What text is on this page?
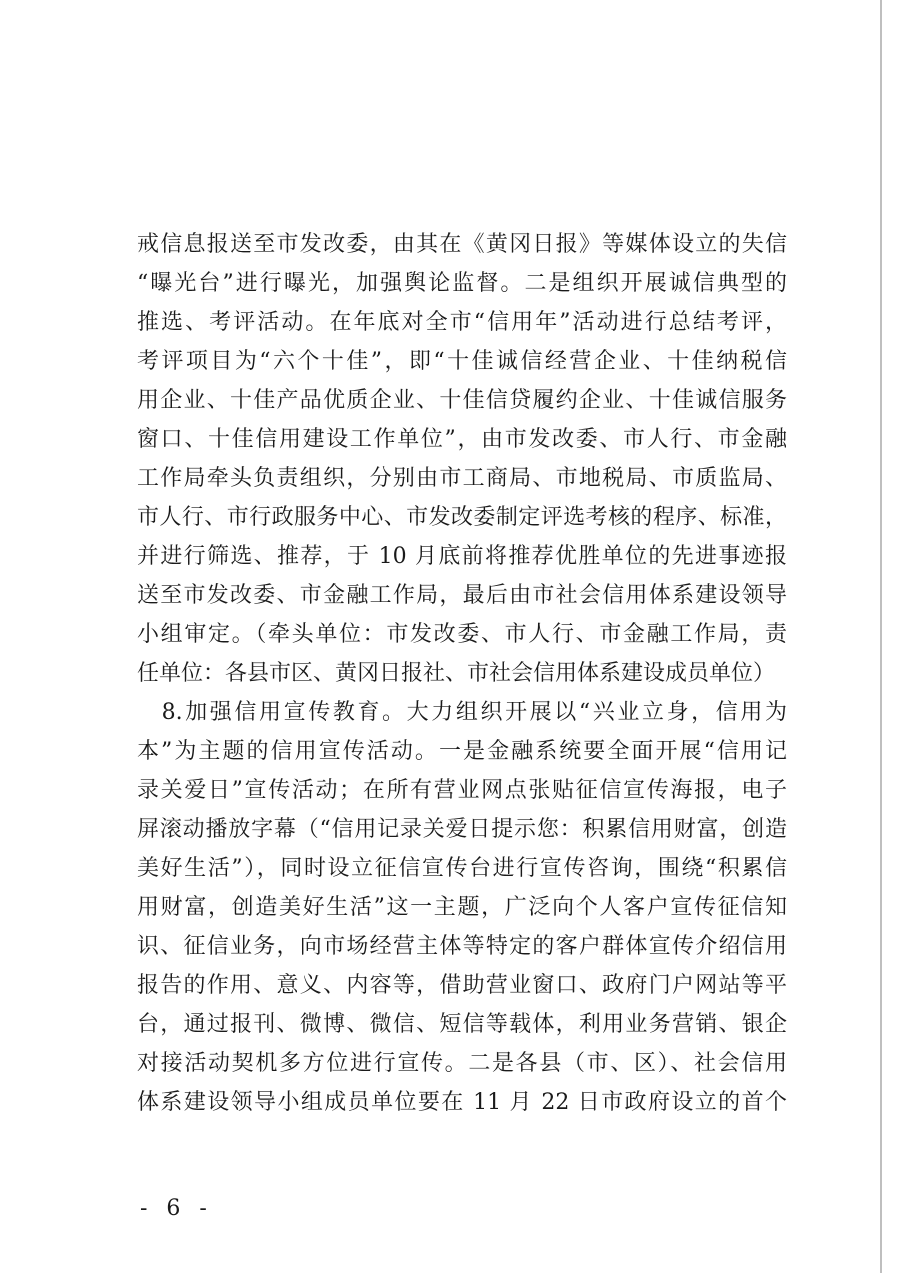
戒信息报送至市发改委，由其在《黄冈日报》等媒体设立的失信
“曝光台”进行曝光，加强舆论监督。二是组织开展诚信典型的
推选、考评活动。在年底对全市“信用年”活动进行总结考评，
考评项目为“六个十佳”，即“十佳诚信经营企业、十佳纳税信
用企业、十佳产品优质企业、十佳信贷履约企业、十佳诚信服务
窗口、十佳信用建设工作单位”，由市发改委、市人行、市金融
工作局牵头负责组织，分别由市工商局、市地税局、市质监局、
市人行、市行政服务中心、市发改委制定评选考核的程序、标准，
并进行筛选、推荐，于 10 月底前将推荐优胜单位的先进事迹报
送至市发改委、市金融工作局，最后由市社会信用体系建设领导
小组审定。（牵头单位：市发改委、市人行、市金融工作局，责
任单位：各县市区、黄冈日报社、市社会信用体系建设成员单位）
　8.加强信用宣传教育。大力组织开展以“兴业立身，信用为
本”为主题的信用宣传活动。一是金融系统要全面开展“信用记
录关爱日”宣传活动；在所有营业网点张贴征信宣传海报，电子
屏滚动播放字幕（“信用记录关爱日提示您：积累信用财富，创造
美好生活”），同时设立征信宣传台进行宣传咨询，围绕“积累信
用财富，创造美好生活”这一主题，广泛向个人客户宣传征信知
识、征信业务，向市场经营主体等特定的客户群体宣传介绍信用
报告的作用、意义、内容等，借助营业窗口、政府门户网站等平
台，通过报刊、微博、微信、短信等载体，利用业务营销、银企
对接活动契机多方位进行宣传。二是各县（市、区）、社会信用
体系建设领导小组成员单位要在 11 月 22 日市政府设立的首个
- 6 -
